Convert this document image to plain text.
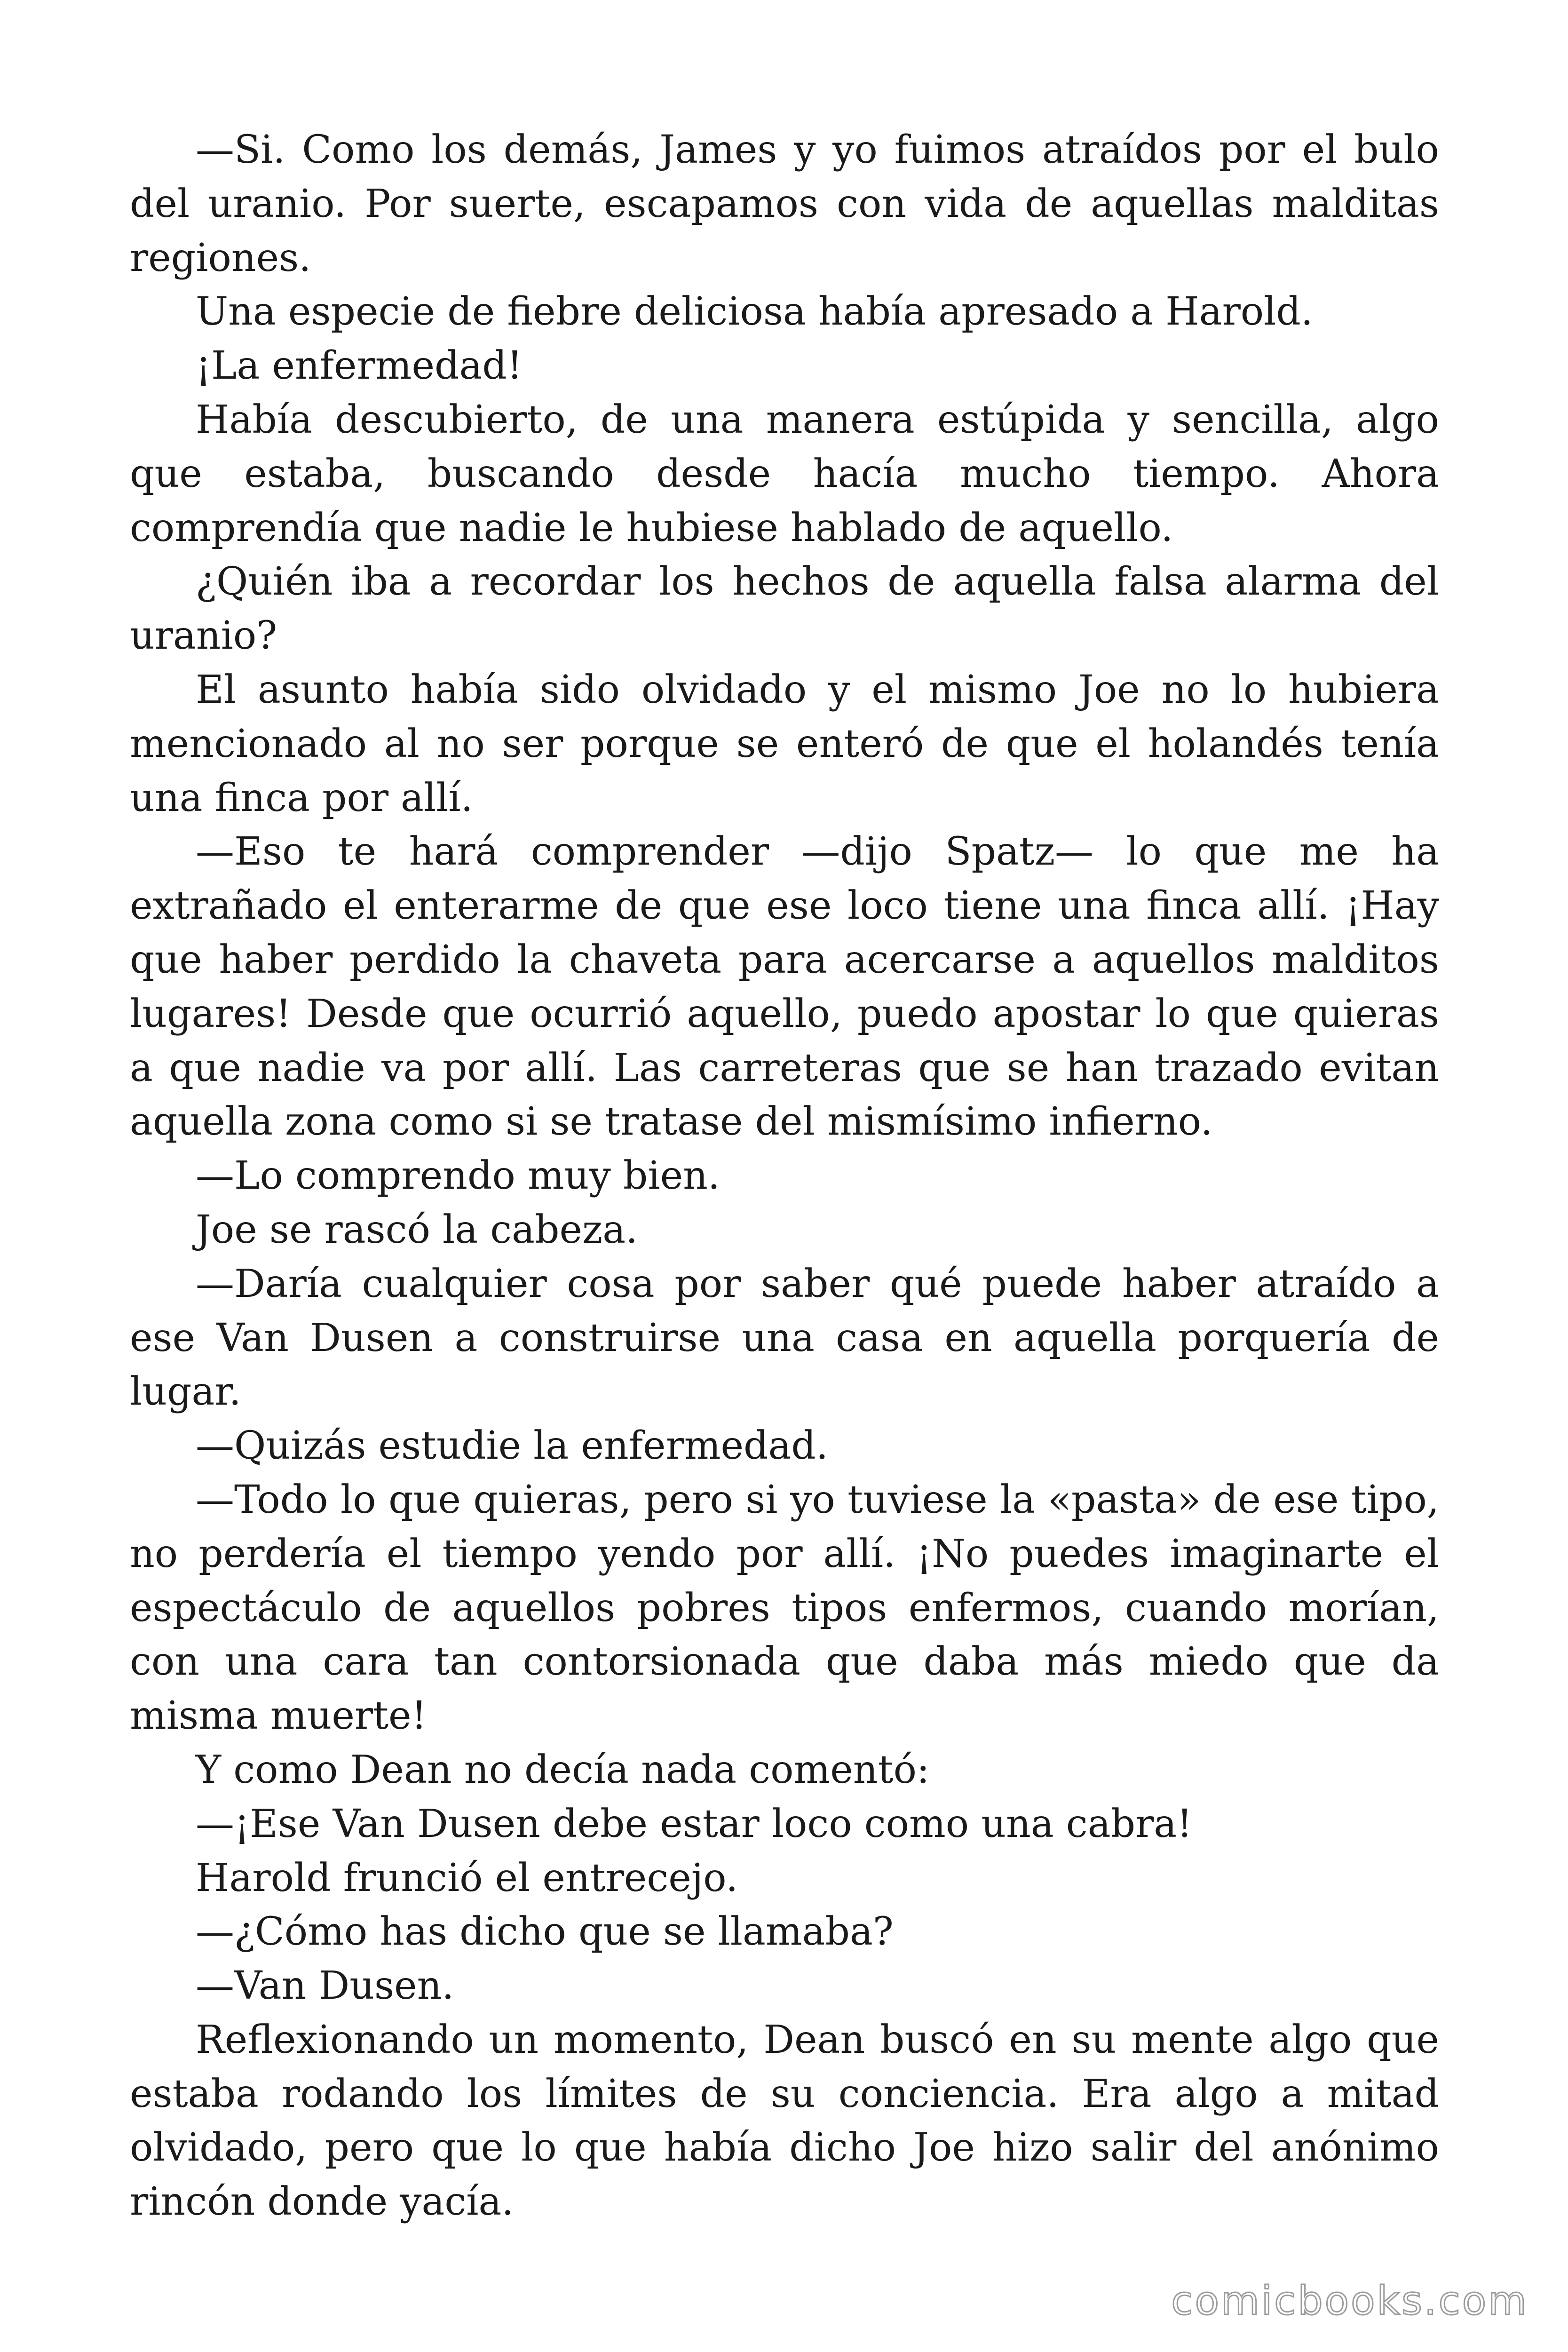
—Si. Como los demás, James y yo fuimos atraídos por el bulo del uranio. Por suerte, escapamos con vida de aquellas malditas regiones.

Una especie de fiebre deliciosa había apresado a Harold.

¡La enfermedad!

Había descubierto, de una manera estúpida y sencilla, algo que estaba, buscando desde hacía mucho tiempo. Ahora comprendía que nadie le hubiese hablado de aquello.

¿Quién iba a recordar los hechos de aquella falsa alarma del uranio?

El asunto había sido olvidado y el mismo Joe no lo hubiera mencionado al no ser porque se enteró de que el holandés tenía una finca por allí.

—Eso te hará comprender —dijo Spatz— lo que me ha extrañado el enterarme de que ese loco tiene una finca allí. ¡Hay que haber perdido la chaveta para acercarse a aquellos malditos lugares! Desde que ocurrió aquello, puedo apostar lo que quieras a que nadie va por allí. Las carreteras que se han trazado evitan aquella zona como si se tratase del mismísimo infierno.

—Lo comprendo muy bien.

Joe se rascó la cabeza.

—Daría cualquier cosa por saber qué puede haber atraído a ese Van Dusen a construirse una casa en aquella porquería de lugar.

—Quizás estudie la enfermedad.

—Todo lo que quieras, pero si yo tuviese la «pasta» de ese tipo, no perdería el tiempo yendo por allí. ¡No puedes imaginarte el espectáculo de aquellos pobres tipos enfermos, cuando morían, con una cara tan contorsionada que daba más miedo que da misma muerte!

Y como Dean no decía nada comentó:

—¡Ese Van Dusen debe estar loco como una cabra!

Harold frunció el entrecejo.

—¿Cómo has dicho que se llamaba?

—Van Dusen.

Reflexionando un momento, Dean buscó en su mente algo que estaba rodando los límites de su conciencia. Era algo a mitad olvidado, pero que lo que había dicho Joe hizo salir del anónimo rincón donde yacía.

comicbooks.com
